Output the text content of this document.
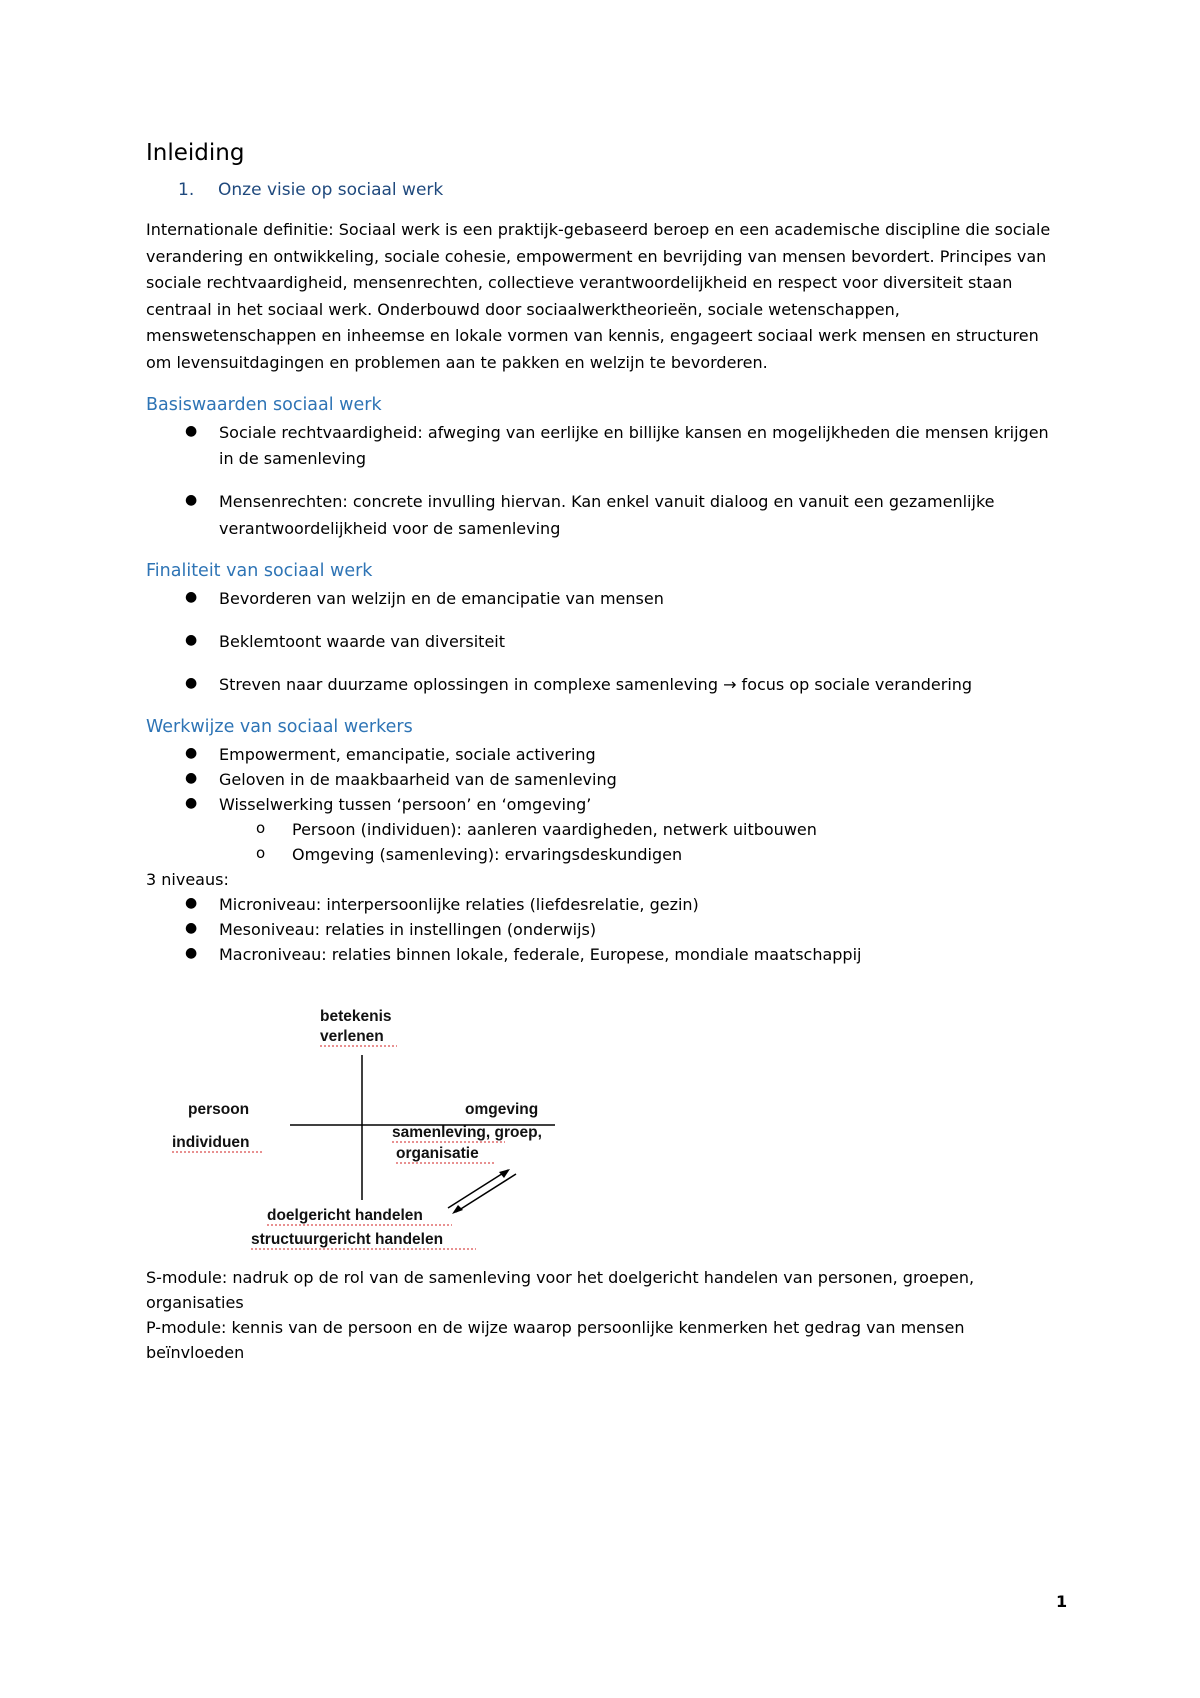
Inleiding
1. Onze visie op sociaal werk

Internationale definitie: Sociaal werk is een praktijk-gebaseerd beroep en een academische discipline die sociale

verandering en ontwikkeling, sociale cohesie, empowerment en bevrijding van mensen bevordert. Principes van

sociale rechtvaardigheid, mensenrechten, collectieve verantwoordelijkheid en respect voor diversiteit staan

centraal in het sociaal werk. Onderbouwd door sociaalwerktheorieën, sociale wetenschappen,

menswetenschappen en inheemse en lokale vormen van kennis, engageert sociaal werk mensen en structuren

om levensuitdagingen en problemen aan te pakken en welzijn te bevorderen.

Basiswaarden sociaal werk
● Sociale rechtvaardigheid: afweging van eerlijke en billijke kansen en mogelijkheden die mensen krijgen
in de samenleving
● Mensenrechten: concrete invulling hiervan. Kan enkel vanuit dialoog en vanuit een gezamenlijke
verantwoordelijkheid voor de samenleving
Finaliteit van sociaal werk
● Bevorderen van welzijn en de emancipatie van mensen
● Beklemtoont waarde van diversiteit
● Streven naar duurzame oplossingen in complexe samenleving → focus op sociale verandering
Werkwijze van sociaal werkers
● Empowerment, emancipatie, sociale activering
● Geloven in de maakbaarheid van de samenleving
● Wisselwerking tussen ‘persoon’ en ‘omgeving’
o Persoon (individuen): aanleren vaardigheden, netwerk uitbouwen
o Omgeving (samenleving): ervaringsdeskundigen
3 niveaus:
● Microniveau: interpersoonlijke relaties (liefdesrelatie, gezin)
● Mesoniveau: relaties in instellingen (onderwijs)
● Macroniveau: relaties binnen lokale, federale, Europese, mondiale maatschappij
betekenis
verlenen
persoon
individuen
omgeving
samenleving, groep,
organisatie
doelgericht handelen
structuurgericht handelen
S-module: nadruk op de rol van de samenleving voor het doelgericht handelen van personen, groepen,
organisaties
P-module: kennis van de persoon en de wijze waarop persoonlijke kenmerken het gedrag van mensen
beïnvloeden
1
